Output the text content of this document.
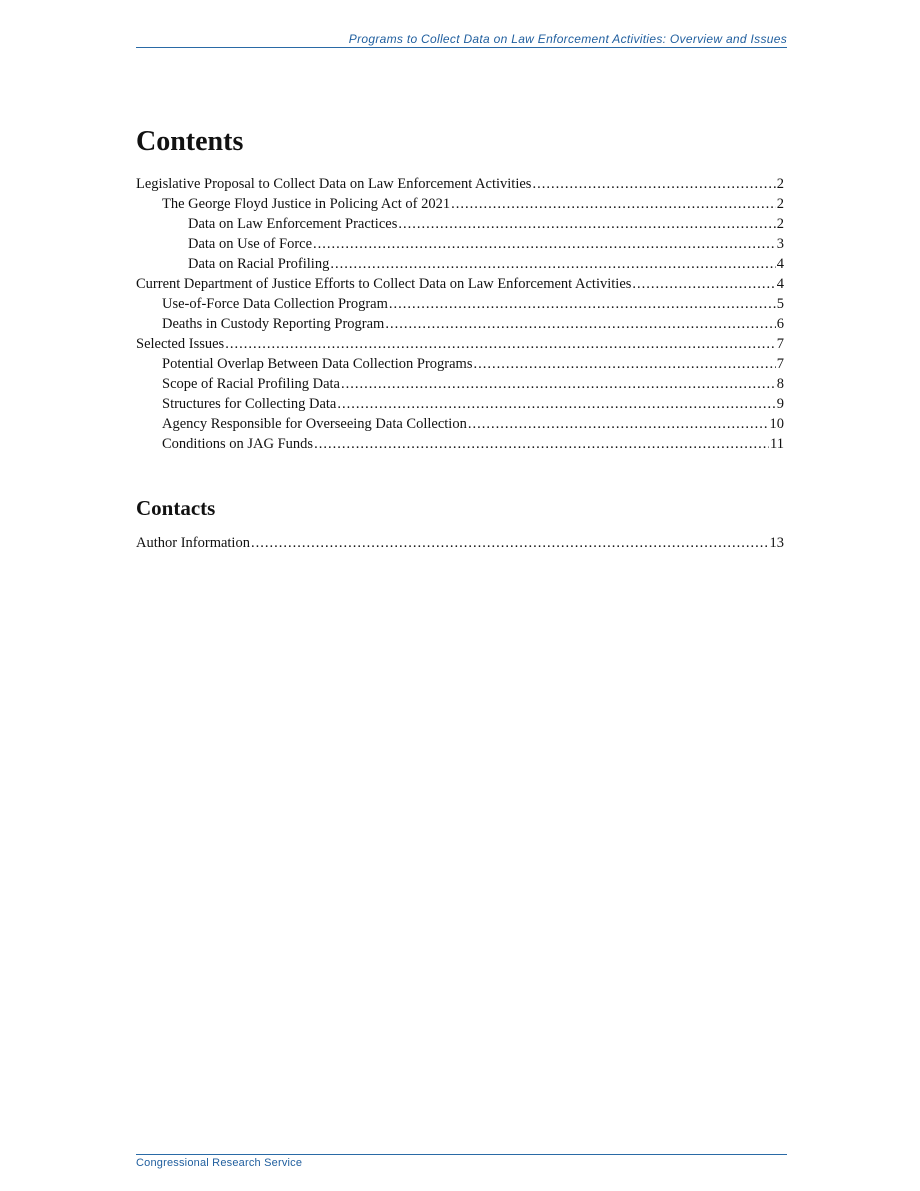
Programs to Collect Data on Law Enforcement Activities: Overview and Issues
Contents
Legislative Proposal to Collect Data on Law Enforcement Activities .....	2
The George Floyd Justice in Policing Act of 2021 .....	2
Data on Law Enforcement Practices .....	2
Data on Use of Force .....	3
Data on Racial Profiling .....	4
Current Department of Justice Efforts to Collect Data on Law Enforcement Activities .....	4
Use-of-Force Data Collection Program .....	5
Deaths in Custody Reporting Program .....	6
Selected Issues .....	7
Potential Overlap Between Data Collection Programs .....	7
Scope of Racial Profiling Data .....	8
Structures for Collecting Data .....	9
Agency Responsible for Overseeing Data Collection .....	10
Conditions on JAG Funds .....	11
Contacts
Author Information .....	13
Congressional Research Service
